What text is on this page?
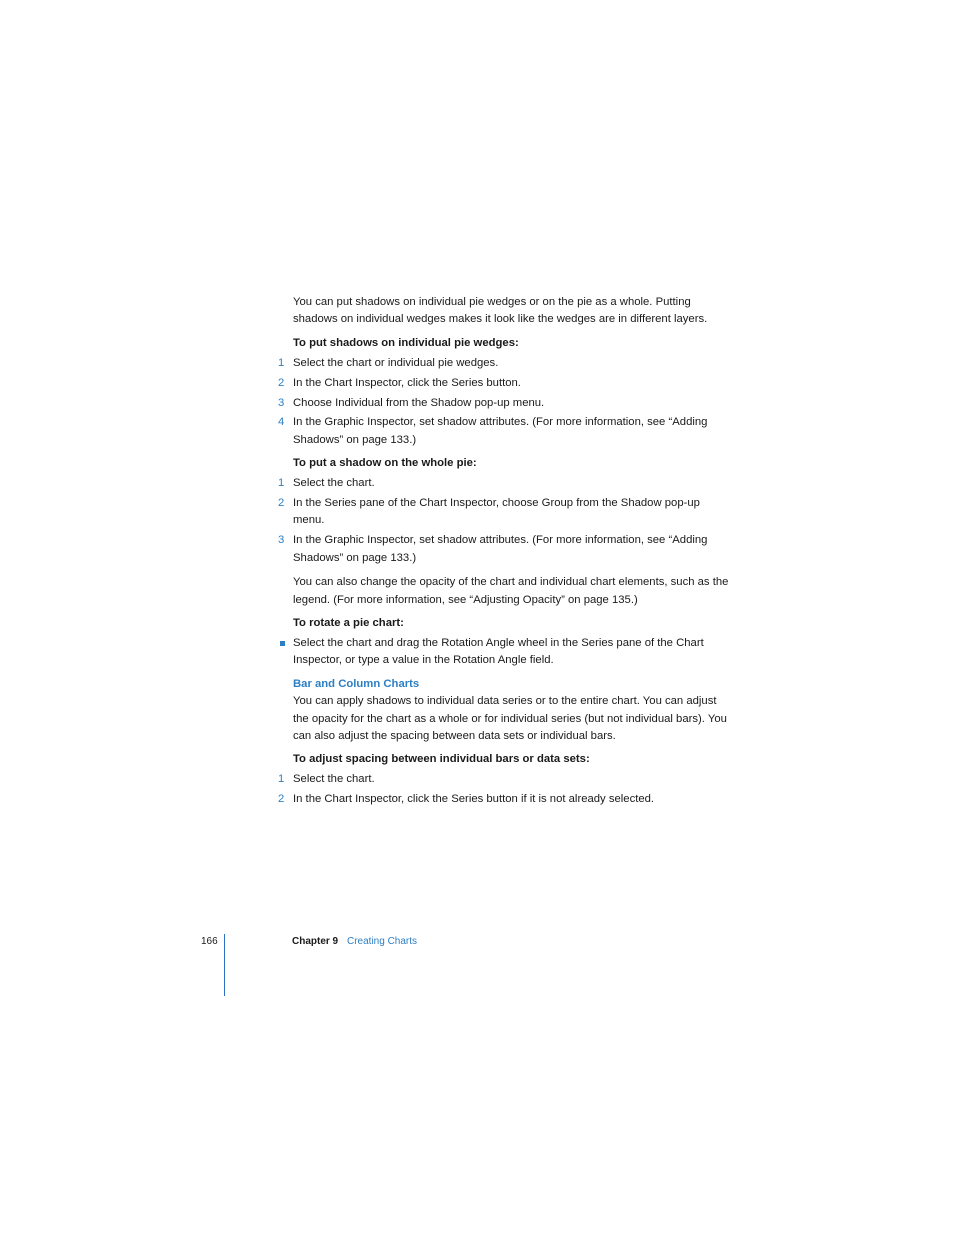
You can put shadows on individual pie wedges or on the pie as a whole. Putting shadows on individual wedges makes it look like the wedges are in different layers.

To put shadows on individual pie wedges:

1 Select the chart or individual pie wedges.
2 In the Chart Inspector, click the Series button.
3 Choose Individual from the Shadow pop-up menu.
4 In the Graphic Inspector, set shadow attributes. (For more information, see “Adding Shadows” on page 133.)

To put a shadow on the whole pie:

1 Select the chart.
2 In the Series pane of the Chart Inspector, choose Group from the Shadow pop-up menu.
3 In the Graphic Inspector, set shadow attributes. (For more information, see “Adding Shadows” on page 133.)

You can also change the opacity of the chart and individual chart elements, such as the legend. (For more information, see “Adjusting Opacity” on page 135.)

To rotate a pie chart:

Select the chart and drag the Rotation Angle wheel in the Series pane of the Chart Inspector, or type a value in the Rotation Angle field.

Bar and Column Charts

You can apply shadows to individual data series or to the entire chart. You can adjust the opacity for the chart as a whole or for individual series (but not individual bars). You can also adjust the spacing between data sets or individual bars.

To adjust spacing between individual bars or data sets:

1 Select the chart.
2 In the Chart Inspector, click the Series button if it is not already selected.
166	Chapter 9 Creating Charts
